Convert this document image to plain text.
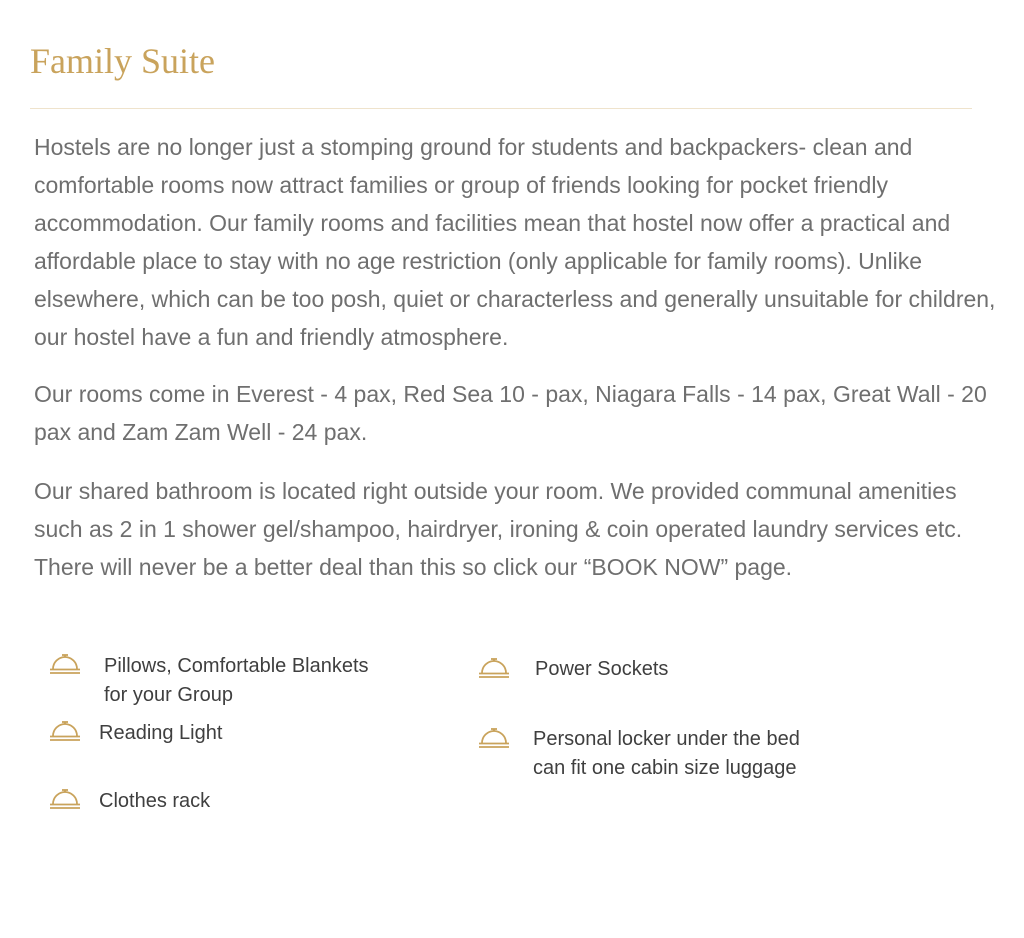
Family Suite

Hostels are no longer just a stomping ground for students and backpackers- clean and comfortable rooms now attract families or group of friends looking for pocket friendly accommodation. Our family rooms and facilities mean that hostel now offer a practical and affordable place to stay with no age restriction (only applicable for family rooms). Unlike elsewhere, which can be too posh, quiet or characterless and generally unsuitable for children, our hostel have a fun and friendly atmosphere.

Our rooms come in Everest - 4 pax, Red Sea 10 - pax, Niagara Falls - 14 pax, Great Wall - 20 pax and Zam Zam Well - 24 pax.

Our shared bathroom is located right outside your room. We provided communal amenities such as 2 in 1 shower gel/shampoo, hairdryer, ironing & coin operated laundry services etc. There will never be a better deal than this so click our “BOOK NOW” page.

Pillows, Comfortable Blankets
for your Group
Reading Light
Clothes rack
Power Sockets
Personal locker under the bed
can fit one cabin size luggage
